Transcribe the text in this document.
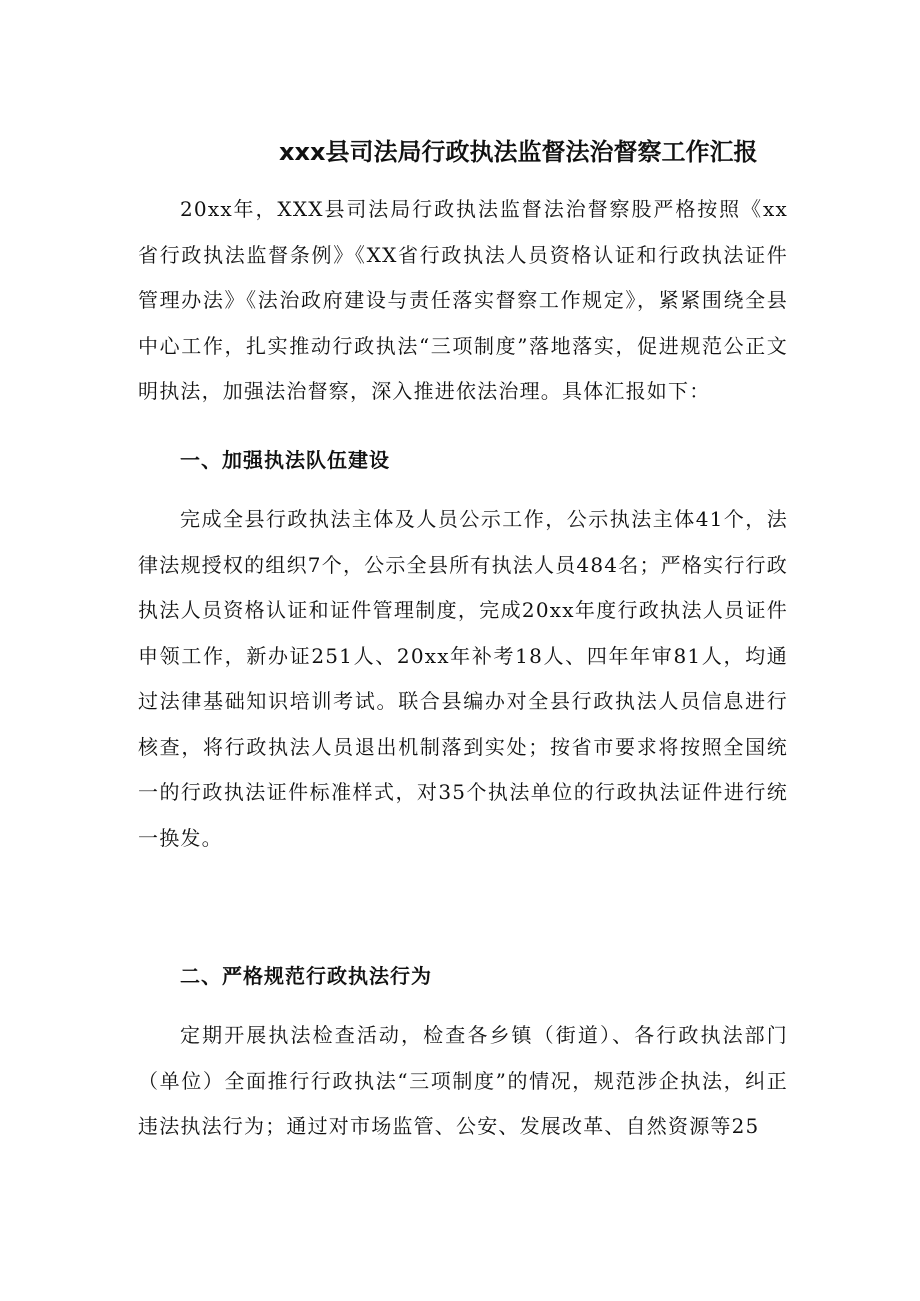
xxx县司法局行政执法监督法治督察工作汇报

20xx年，XXX县司法局行政执法监督法治督察股严格按照《xx省行政执法监督条例》《XX省行政执法人员资格认证和行政执法证件管理办法》《法治政府建设与责任落实督察工作规定》，紧紧围绕全县中心工作，扎实推动行政执法“三项制度”落地落实，促进规范公正文明执法，加强法治督察，深入推进依法治理。具体汇报如下：

一、加强执法队伍建设

完成全县行政执法主体及人员公示工作，公示执法主体41个，法律法规授权的组织7个，公示全县所有执法人员484名；严格实行行政执法人员资格认证和证件管理制度，完成20xx年度行政执法人员证件申领工作，新办证251人、20xx年补考18人、四年年审81人，均通过法律基础知识培训考试。联合县编办对全县行政执法人员信息进行核查，将行政执法人员退出机制落到实处；按省市要求将按照全国统一的行政执法证件标准样式，对35个执法单位的行政执法证件进行统一换发。

二、严格规范行政执法行为

定期开展执法检查活动，检查各乡镇（街道）、各行政执法部门（单位）全面推行行政执法“三项制度”的情况，规范涉企执法，纠正违法执法行为；通过对市场监管、公安、发展改革、自然资源等25
